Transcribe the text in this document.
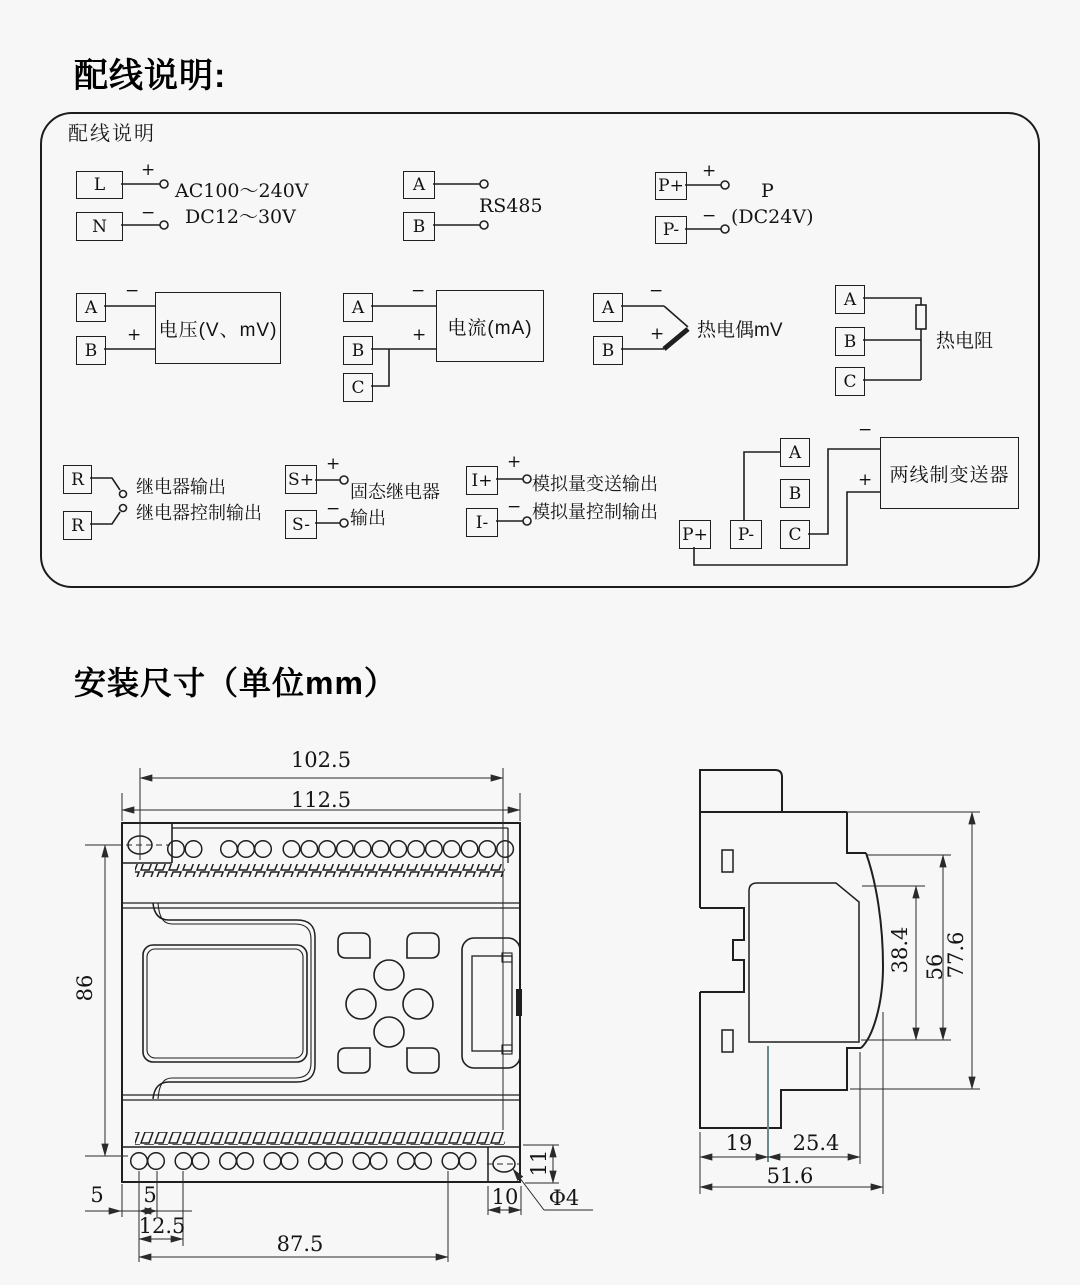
配线说明:
配线说明
安装尺寸（单位mm）
L
N
A
B
P+
P-
A
B
A
B
C
A
B
A
B
C
R
R
S+
S-
I+
I-
P+	P-
A
B
C
电压(V、mV)	电流(mA)
两线制变送器
+
−
+
−
−
+
−
+
−
+
+
−
+
−
−
+
AC100～240V
DC12～30V	RS485
P
(DC24V)
热电偶mV
热电阻
继电器输出
继电器控制输出
固态继电器
输出
模拟量变送输出
模拟量控制输出
102.5
112.5
86
5	5
12.5
87.5
10
11
Φ4
38.4 56
77.6
19	25.4
51.6
